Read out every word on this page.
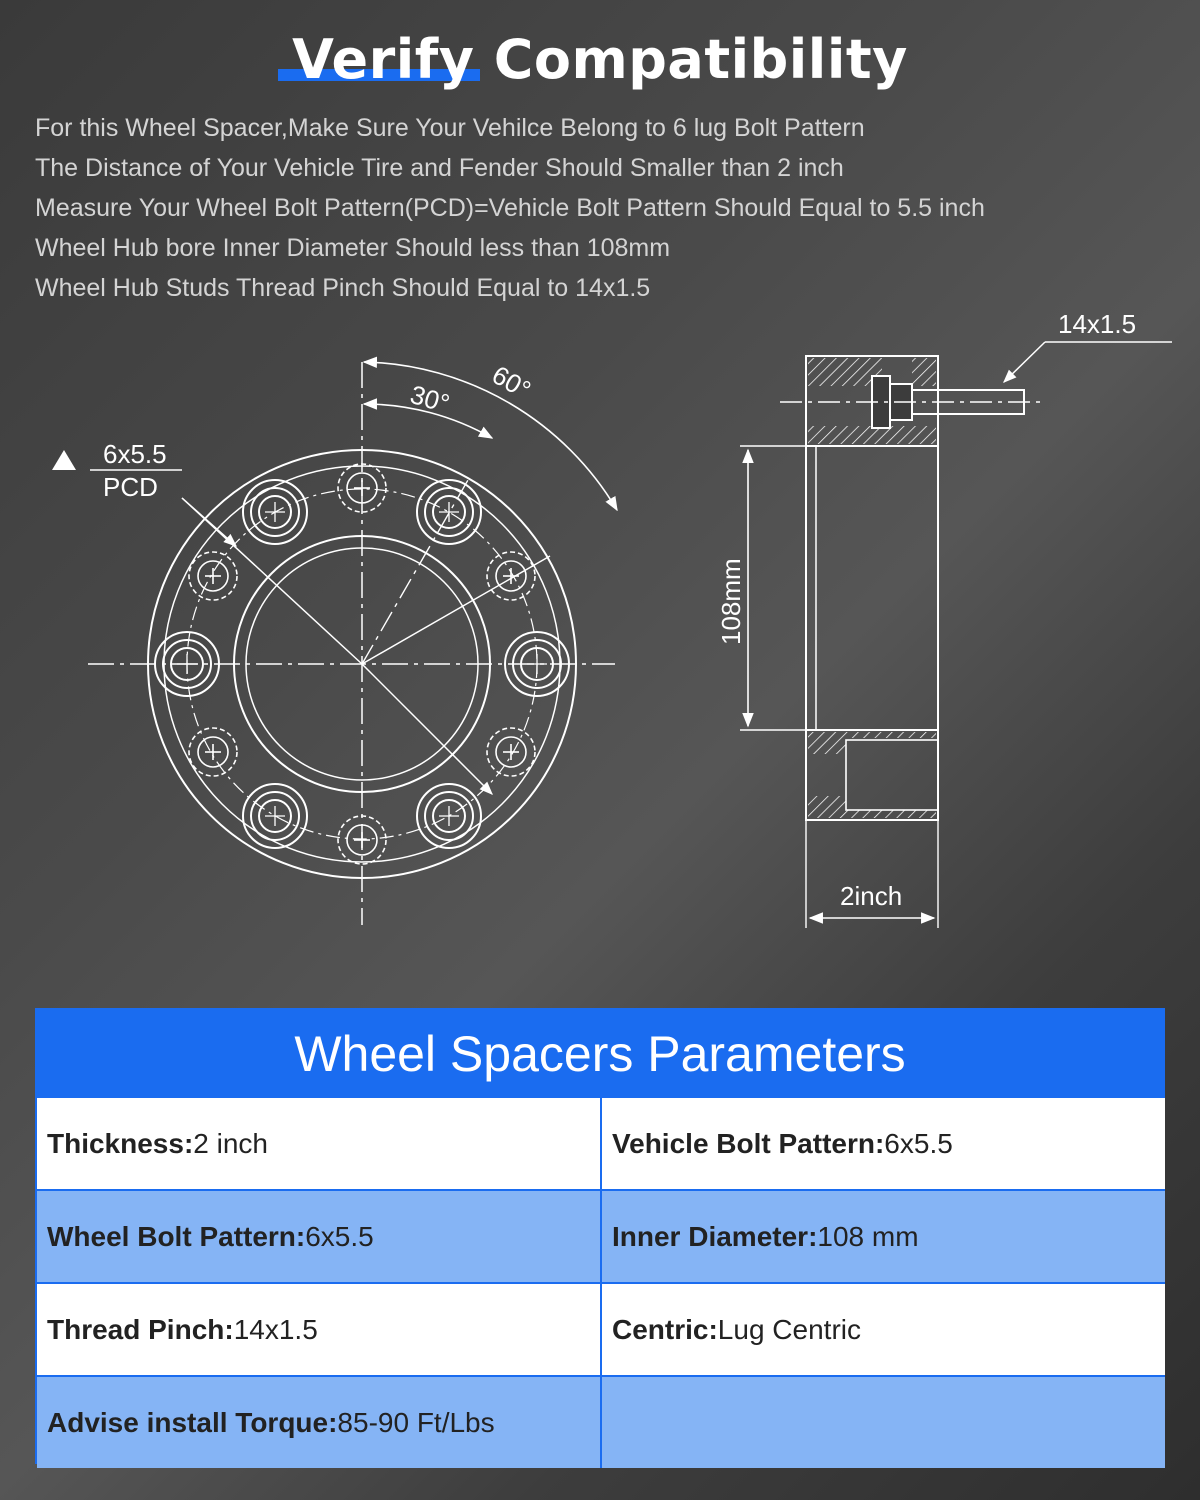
Verify Compatibility
For this Wheel Spacer,Make Sure Your Vehilce Belong to 6 lug Bolt Pattern
The Distance of Your Vehicle Tire and Fender Should Smaller than 2 inch
Measure Your Wheel Bolt Pattern(PCD)=Vehicle Bolt Pattern Should Equal to 5.5 inch
Wheel Hub bore Inner Diameter Should less than 108mm
Wheel Hub Studs Thread Pinch Should Equal to 14x1.5
30° 60°
6x5.5
PCD
14x1.5
108mm
2inch
Wheel Spacers Parameters
Thickness: 2 inch	Vehicle Bolt Pattern: 6x5.5
Wheel Bolt Pattern: 6x5.5	Inner Diameter: 108 mm
Thread Pinch: 14x1.5	Centric: Lug Centric
Advise install Torque: 85-90 Ft/Lbs
